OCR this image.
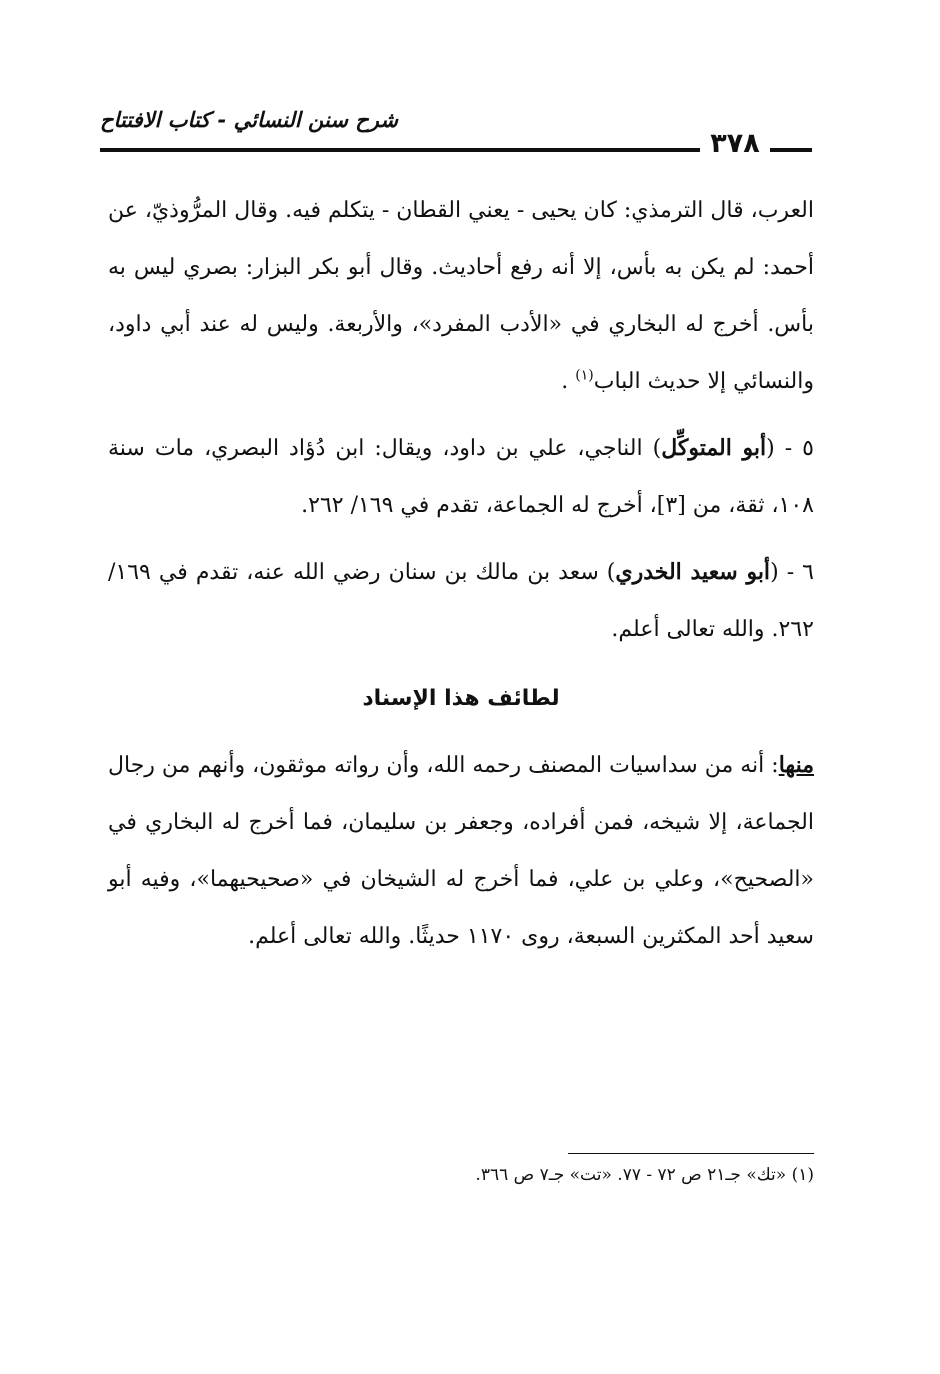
شرح سنن النسائي - كتاب الافتتاح
٣٧٨

العرب، قال الترمذي: كان يحيى - يعني القطان - يتكلم فيه. وقال المرُّوذيّ، عن أحمد: لم يكن به بأس، إلا أنه رفع أحاديث. وقال أبو بكر البزار: بصري ليس به بأس. أخرج له البخاري في «الأدب المفرد»، والأربعة. وليس له عند أبي داود، والنسائي إلا حديث الباب$^{(١)}$ .

٥ - (أبو المتوكِّل) الناجي، علي بن داود، ويقال: ابن دُؤاد البصري، مات سنة ١٠٨، ثقة، من [٣]، أخرج له الجماعة، تقدم في ١٦٩/ ٢٦٢.

٦ - (أبو سعيد الخدري) سعد بن مالك بن سنان رضي الله عنه، تقدم في ١٦٩/ ٢٦٢. والله تعالى أعلم.

لطائف هذا الإسناد

منها: أنه من سداسيات المصنف رحمه الله، وأن رواته موثقون، وأنهم من رجال الجماعة، إلا شيخه، فمن أفراده، وجعفر بن سليمان، فما أخرج له البخاري في «الصحيح»، وعلي بن علي، فما أخرج له الشيخان في «صحيحيهما»، وفيه أبو سعيد أحد المكثرين السبعة، روى ١١٧٠ حديثًا. والله تعالى أعلم.

(١) «تك» جـ٢١ ص ٧٢ - ٧٧. «تت» جـ٧ ص ٣٦٦.
